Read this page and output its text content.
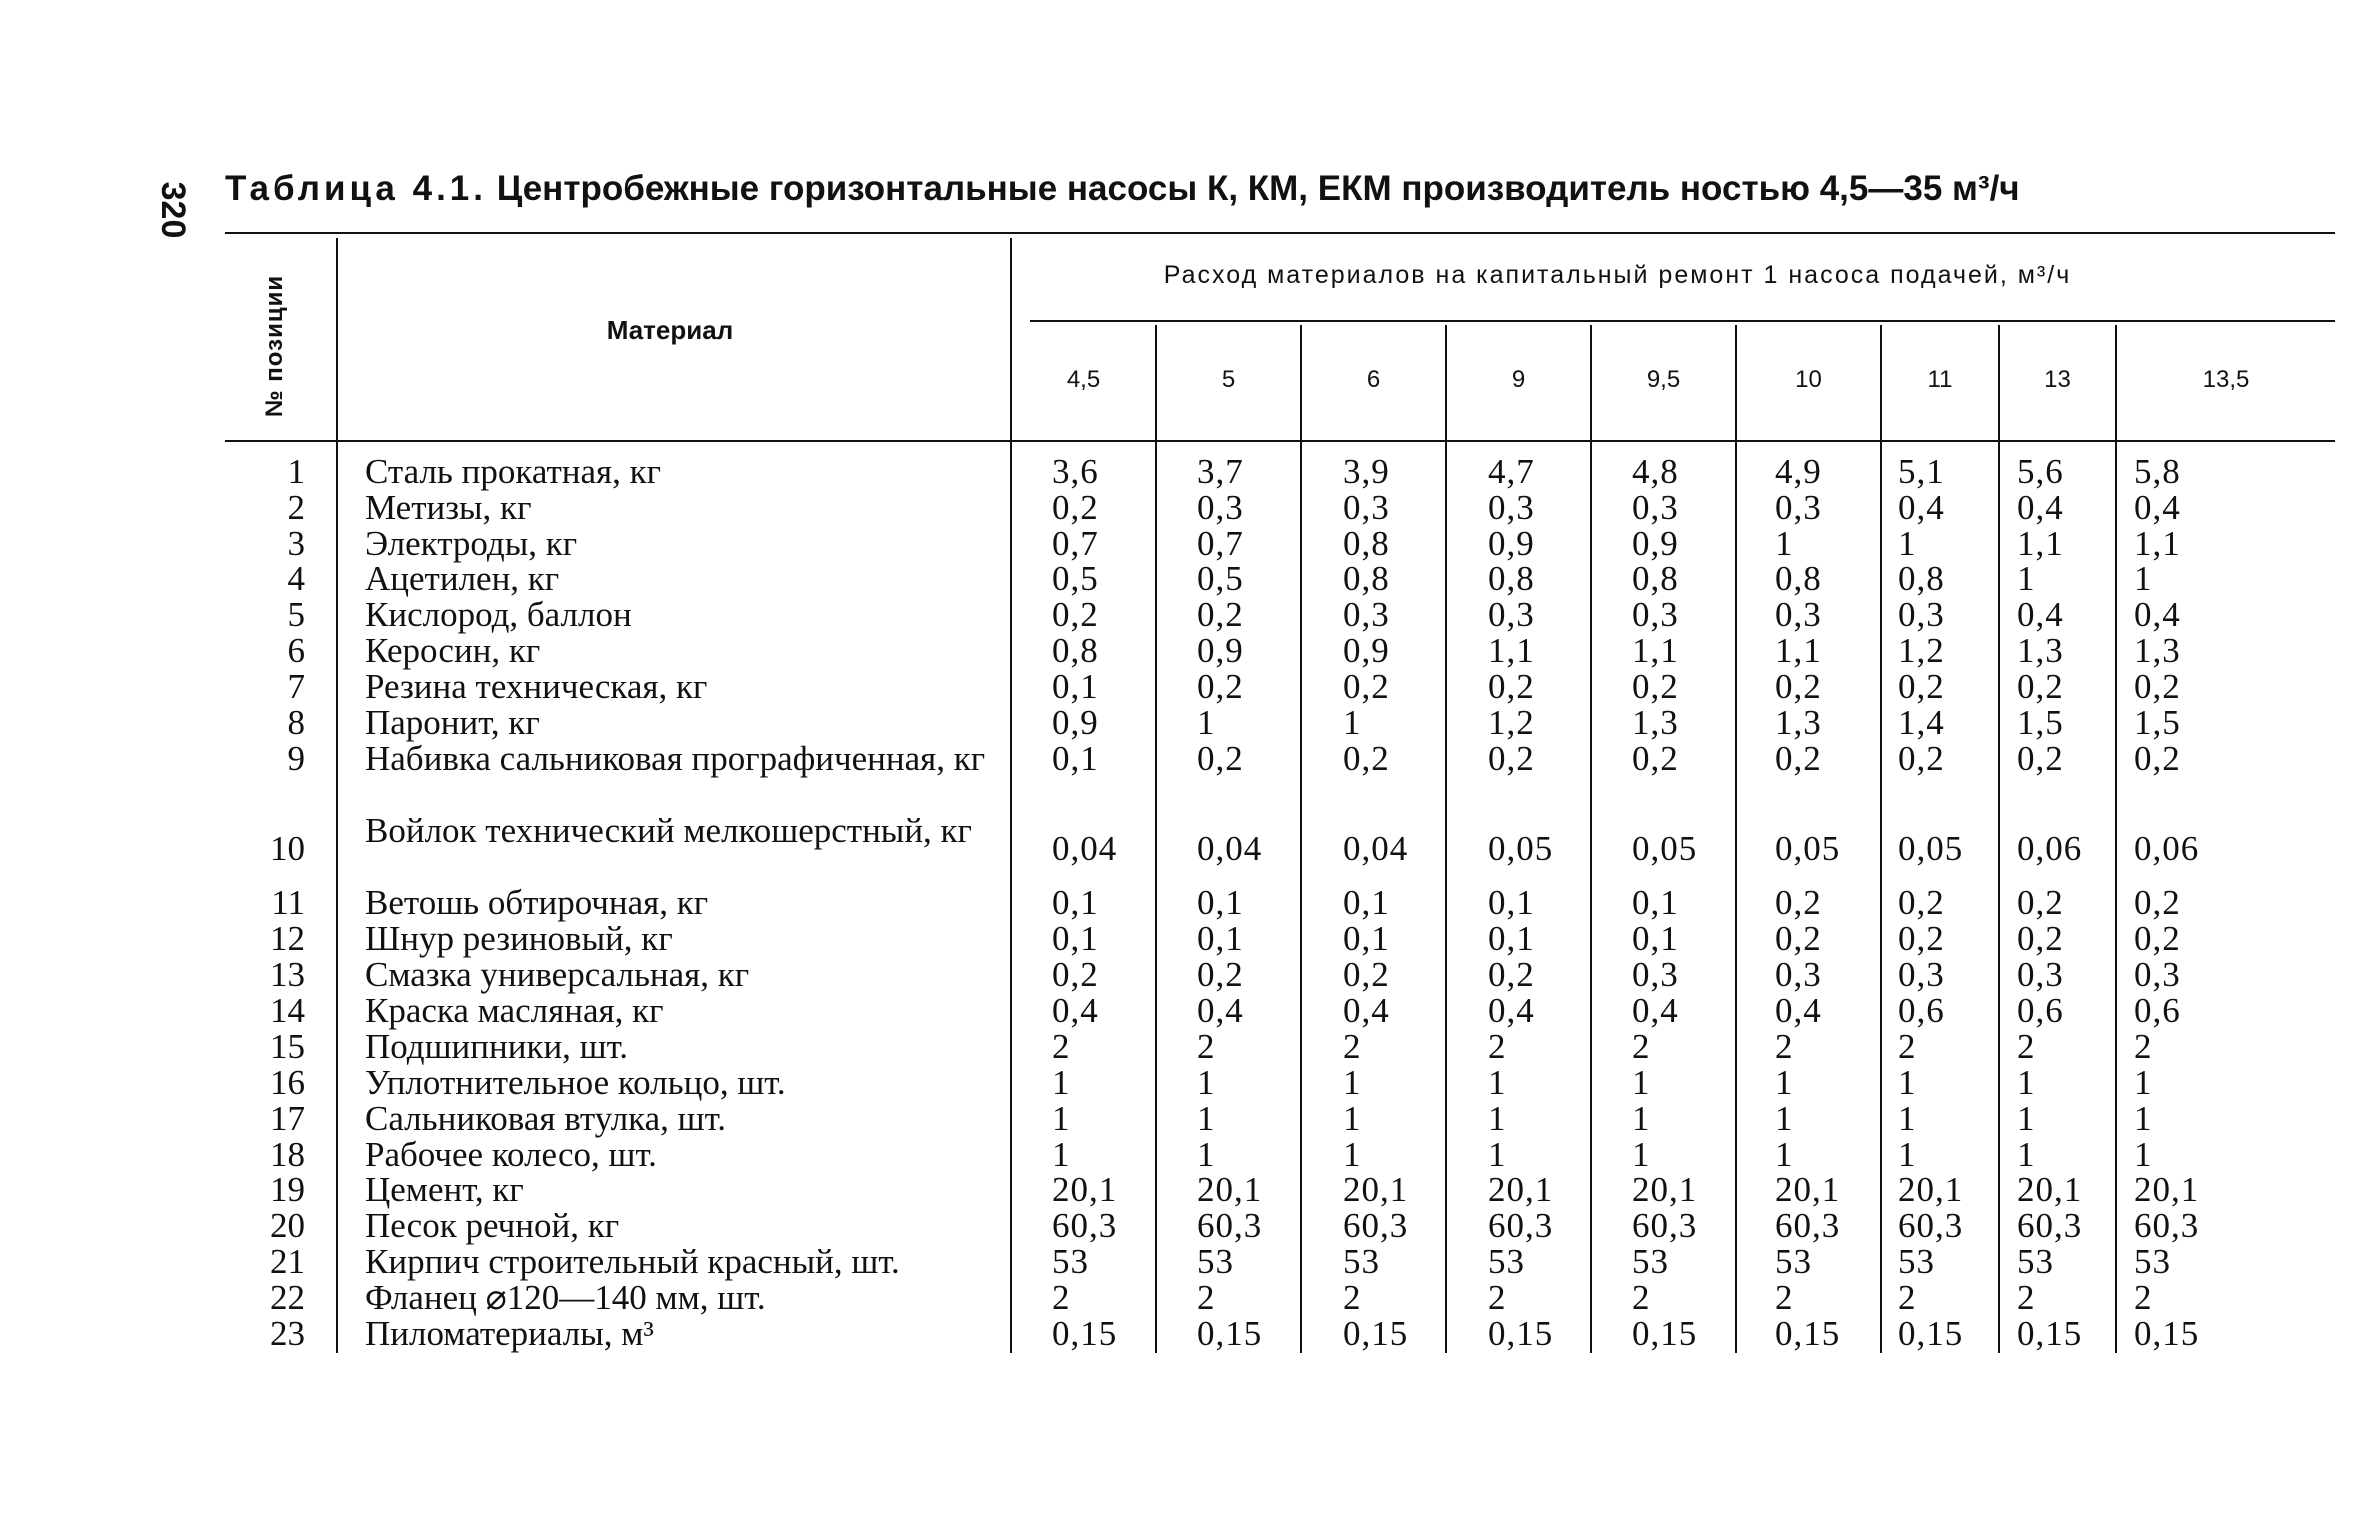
320 Таблица 4.1. Центробежные горизонтальные насосы К, КМ, ЕКМ производитель ностью 4,5—35 м³/ч
№ позиции	Материал
Расход материалов на капитальный ремонт 1 насоса подачей, м³/ч
4,5	5	6	9	9,5	10	11	13	13,5
1 Сталь прокатная, кг	3,6	3,7	3,9	4,7	4,8	4,9 5,1 5,6 5,8
2 Метизы, кг	0,2	0,3	0,3	0,3	0,3	0,3 0,4 0,4 0,4
3 Электроды, кг	0,7	0,7	0,8	0,9	0,9	1	1	1,1 1,1
4 Ацетилен, кг	0,5	0,5	0,8	0,8	0,8	0,8 0,8 1	1
5 Кислород, баллон	0,2	0,2	0,3	0,3	0,3	0,3 0,3 0,4 0,4
6 Керосин, кг	0,8	0,9	0,9	1,1	1,1	1,1 1,2 1,3 1,3
7 Резина техническая, кг	0,1	0,2	0,2	0,2	0,2	0,2 0,2 0,2 0,2
8 Паронит, кг	0,9	1	1	1,2	1,3	1,3 1,4 1,5 1,5
9 Набивка сальниковая прографиченная, кг	0,1	0,2	0,2	0,2	0,2	0,2 0,2 0,2 0,2
10 Войлок технический мелкошерстный, кг	0,04 0,04 0,04 0,05 0,05 0,05 0,05 0,06 0,06
11 Ветошь обтирочная, кг	0,1	0,1	0,1	0,1	0,1	0,2 0,2 0,2 0,2
12 Шнур резиновый, кг	0,1	0,1	0,1	0,1	0,1	0,2 0,2 0,2 0,2
13 Смазка универсальная, кг	0,2	0,2	0,2	0,2	0,3	0,3 0,3 0,3 0,3
14 Краска масляная, кг	0,4	0,4	0,4	0,4	0,4	0,4 0,6 0,6 0,6
15 Подшипники, шт.	2	2	2	2	2	2	2	2	2
16 Уплотнительное кольцо, шт.	1	1	1	1	1	1	1	1	1
17 Сальниковая втулка, шт.	1	1	1	1	1	1	1	1	1
18 Рабочее колесо, шт.	1	1	1	1	1	1	1	1	1
19 Цемент, кг	20,1 20,1 20,1 20,1 20,1 20,1 20,1 20,1 20,1
20 Песок речной, кг	60,3 60,3 60,3 60,3 60,3 60,3 60,3 60,3 60,3
21 Кирпич строительный красный, шт.	53	53	53	53	53	53 53 53 53
22 Фланец ⌀120—140 мм, шт.	2	2	2	2	2	2	2	2	2
23 Пиломатериалы, м³	0,15 0,15 0,15 0,15 0,15 0,15 0,15 0,15 0,15
